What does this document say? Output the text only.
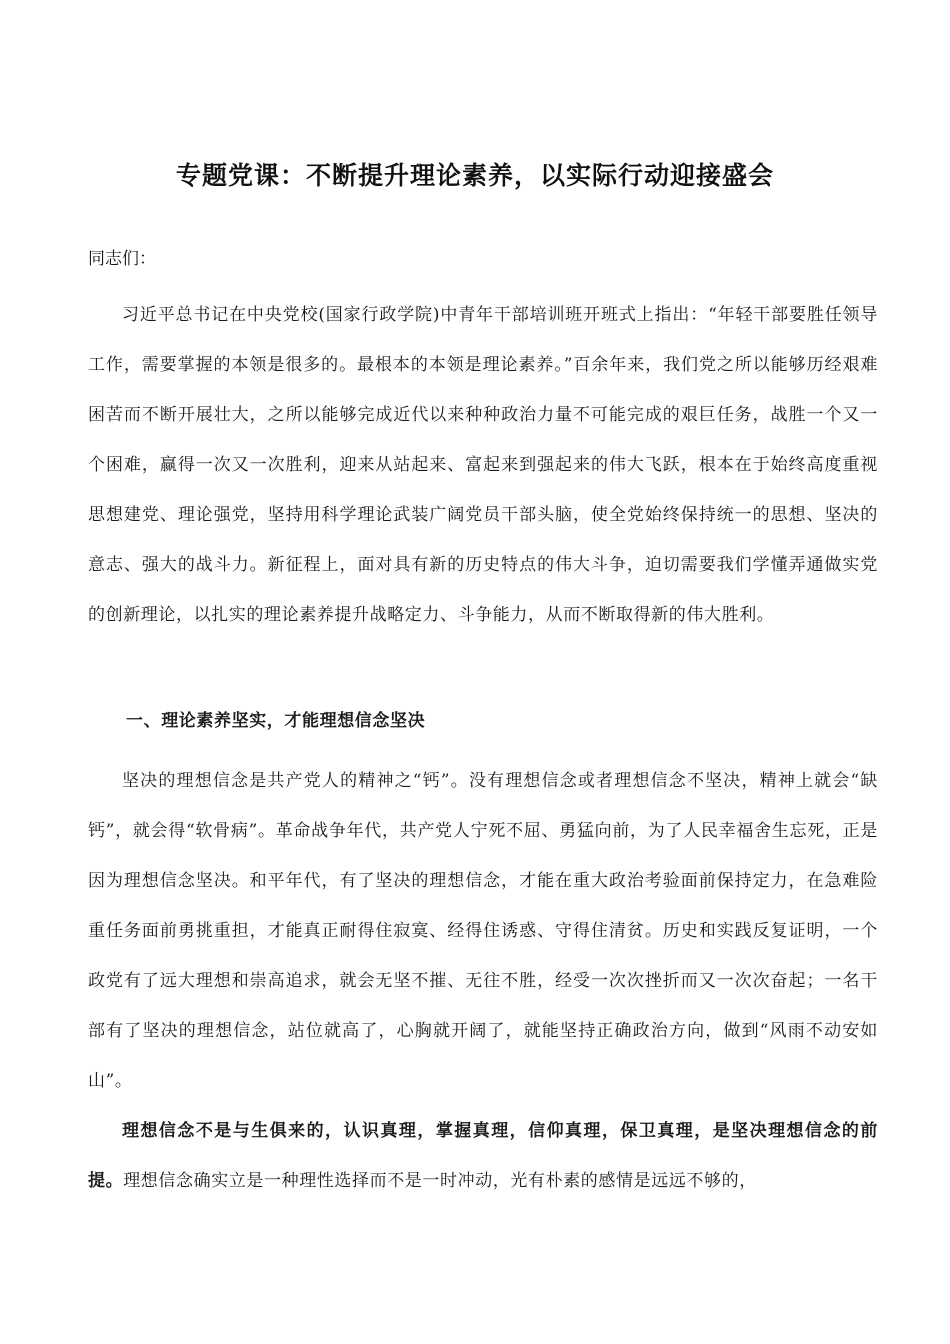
专题党课：不断提升理论素养，以实际行动迎接盛会

同志们：

习近平总书记在中央党校(国家行政学院)中青年干部培训班开班式上指出：“年轻干部要胜任领导工作，需要掌握的本领是很多的。最根本的本领是理论素养。”百余年来，我们党之所以能够历经艰难困苦而不断开展壮大，之所以能够完成近代以来种种政治力量不可能完成的艰巨任务，战胜一个又一个困难，赢得一次又一次胜利，迎来从站起来、富起来到强起来的伟大飞跃，根本在于始终高度重视思想建党、理论强党，坚持用科学理论武装广阔党员干部头脑，使全党始终保持统一的思想、坚决的意志、强大的战斗力。新征程上，面对具有新的历史特点的伟大斗争，迫切需要我们学懂弄通做实党的创新理论，以扎实的理论素养提升战略定力、斗争能力，从而不断取得新的伟大胜利。

一、理论素养坚实，才能理想信念坚决

坚决的理想信念是共产党人的精神之“钙”。没有理想信念或者理想信念不坚决，精神上就会“缺钙”，就会得“软骨病”。革命战争年代，共产党人宁死不屈、勇猛向前，为了人民幸福舍生忘死，正是因为理想信念坚决。和平年代，有了坚决的理想信念，才能在重大政治考验面前保持定力，在急难险重任务面前勇挑重担，才能真正耐得住寂寞、经得住诱惑、守得住清贫。历史和实践反复证明，一个政党有了远大理想和崇高追求，就会无坚不摧、无往不胜，经受一次次挫折而又一次次奋起；一名干部有了坚决的理想信念，站位就高了，心胸就开阔了，就能坚持正确政治方向，做到“风雨不动安如山”。

理想信念不是与生俱来的，认识真理，掌握真理，信仰真理，保卫真理，是坚决理想信念的前提。理想信念确实立是一种理性选择而不是一时冲动，光有朴素的感情是远远不够的，
